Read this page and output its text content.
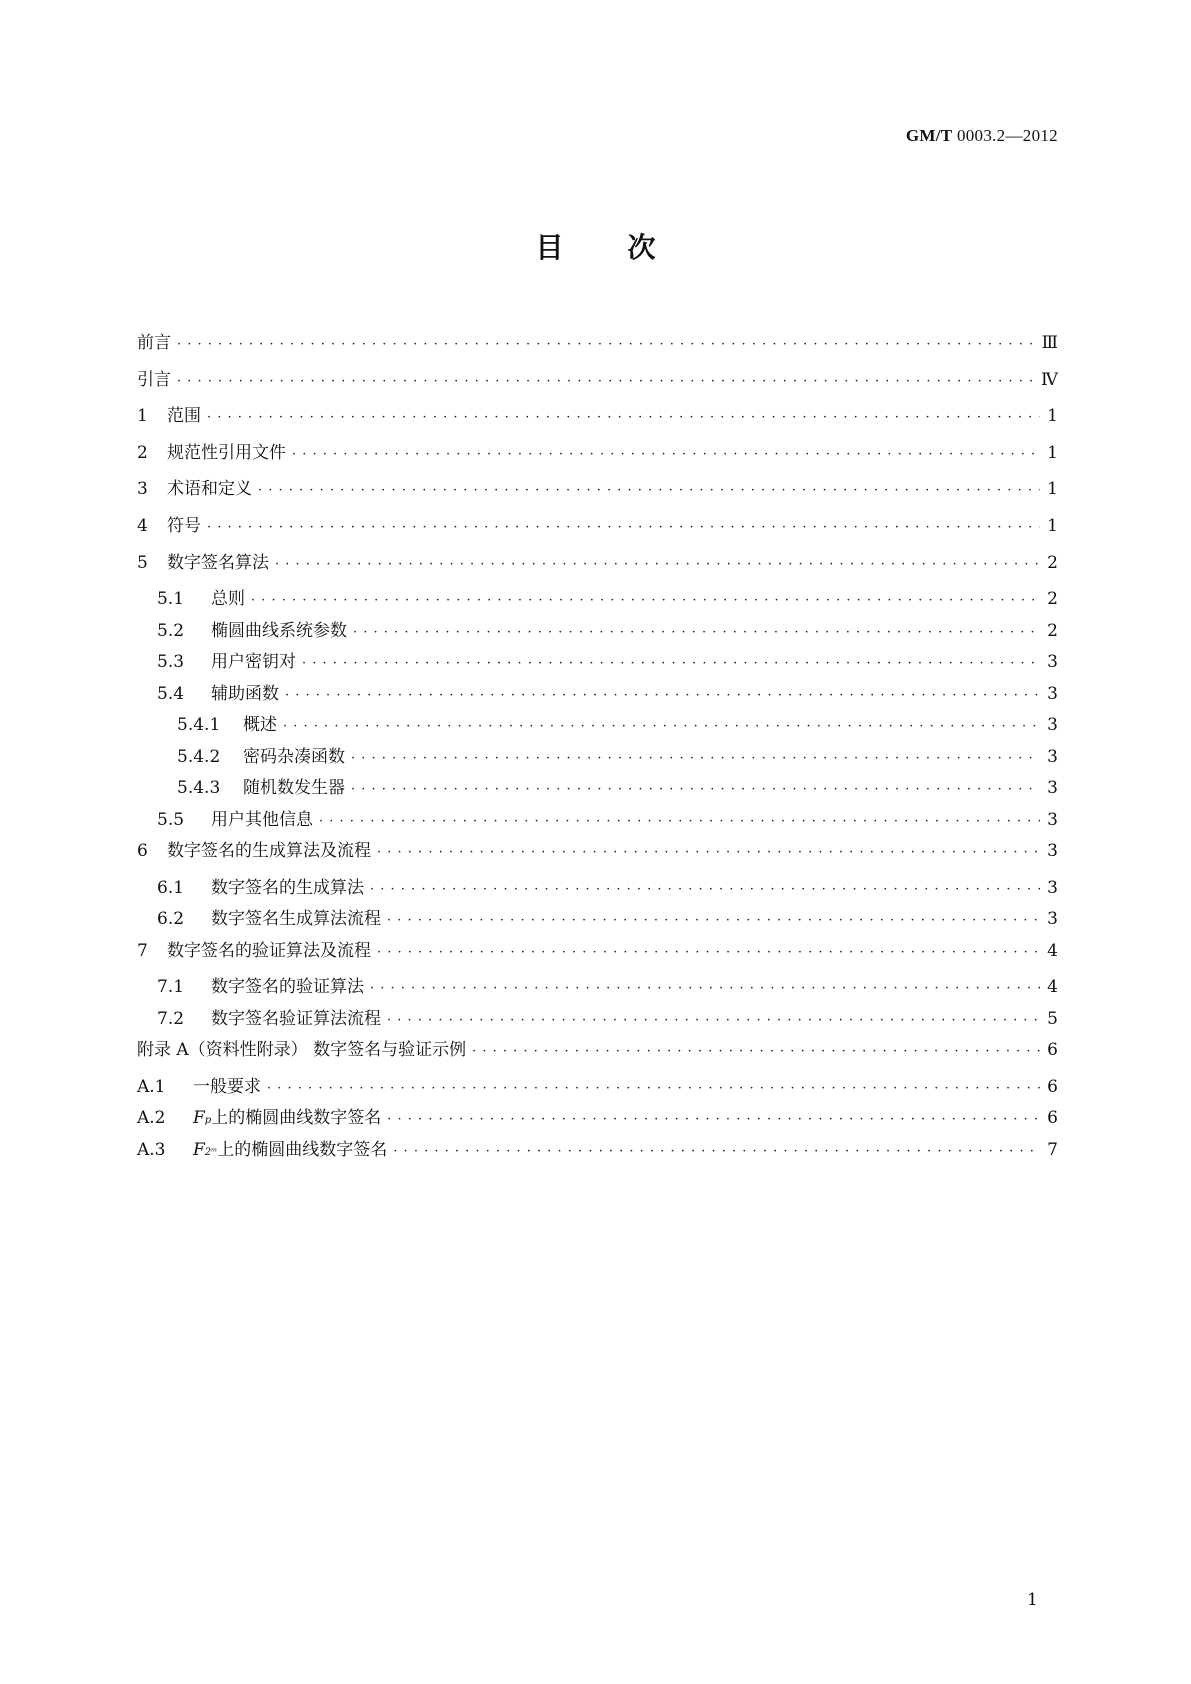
GM/T 0003.2—2012
目 次
前言 · · ·	Ⅲ
引言 · · ·	Ⅳ
1	范围 · · ·	1
2	规范性引用文件 · · ·	1
3	术语和定义 · · ·	1
4	符号 · · ·	1
5	数字签名算法 · · ·	2
5.1	总则 · · ·	2
5.2	椭圆曲线系统参数 · · ·	2
5.3	用户密钥对 · · ·	3
5.4	辅助函数 · · ·	3
5.4.1	概述 · · ·	3
5.4.2	密码杂凑函数 · · ·	3
5.4.3	随机数发生器 · · ·	3
5.5	用户其他信息 · · ·	3
6	数字签名的生成算法及流程 · · ·	3
6.1	数字签名的生成算法 · · ·	3
6.2	数字签名生成算法流程 · · ·	3
7	数字签名的验证算法及流程 · · ·	4
7.1	数字签名的验证算法 · · ·	4
7.2	数字签名验证算法流程 · · ·	5
附录 A（资料性附录） 数字签名与验证示例 · · ·	6
A.1	一般要求 · · ·	6
A.2	F p 上的椭圆曲线数字签名 · · ·	6
A.3	F 2ᵐ 上的椭圆曲线数字签名 · · ·	7
1
